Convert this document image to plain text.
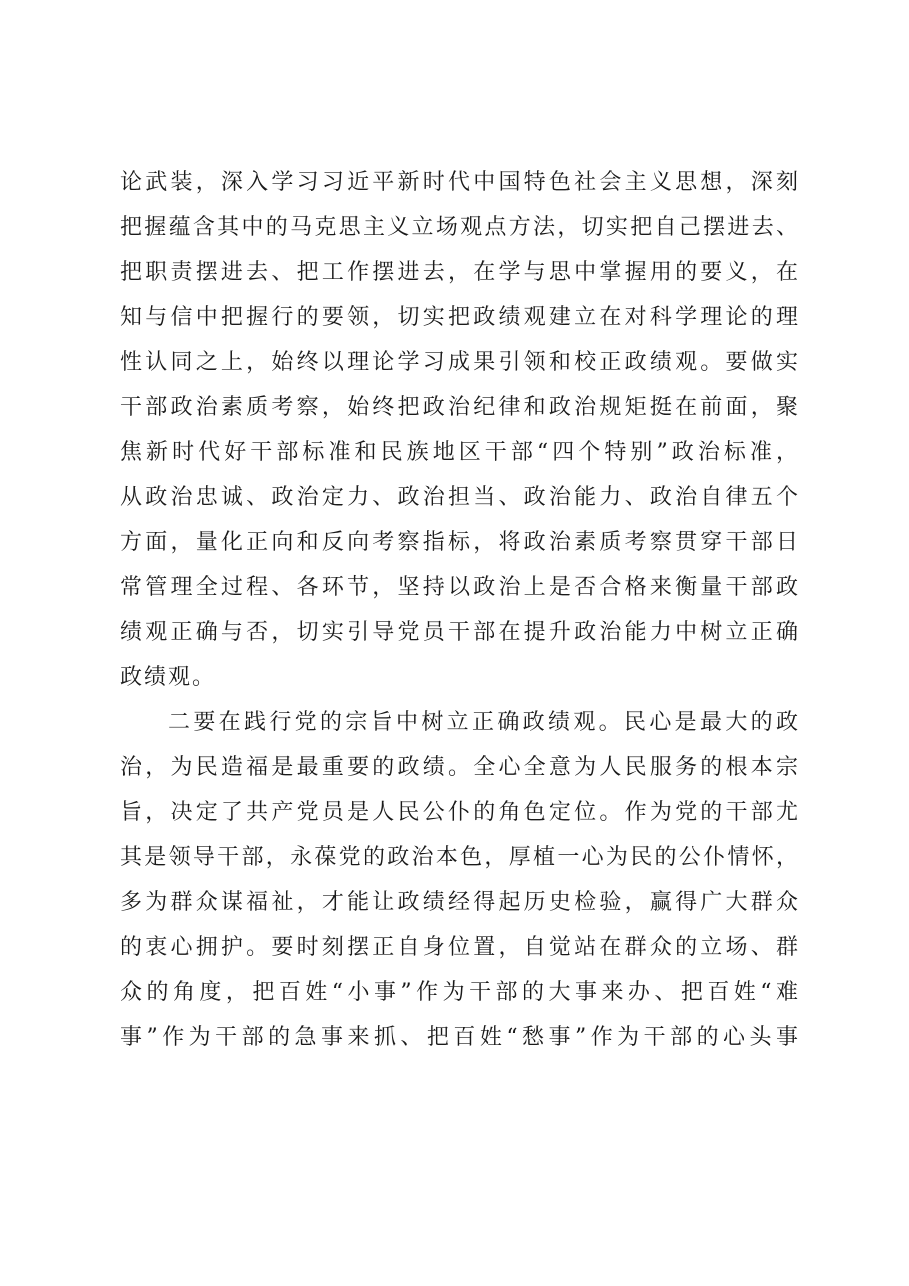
论武装，深入学习习近平新时代中国特色社会主义思想，深刻
把握蕴含其中的马克思主义立场观点方法，切实把自己摆进去、
把职责摆进去、把工作摆进去，在学与思中掌握用的要义，在
知与信中把握行的要领，切实把政绩观建立在对科学理论的理
性认同之上，始终以理论学习成果引领和校正政绩观。要做实
干部政治素质考察，始终把政治纪律和政治规矩挺在前面，聚
焦新时代好干部标准和民族地区干部“四个特别”政治标准，
从政治忠诚、政治定力、政治担当、政治能力、政治自律五个
方面，量化正向和反向考察指标，将政治素质考察贯穿干部日
常管理全过程、各环节，坚持以政治上是否合格来衡量干部政
绩观正确与否，切实引导党员干部在提升政治能力中树立正确
政绩观。
二要在践行党的宗旨中树立正确政绩观。民心是最大的政
治，为民造福是最重要的政绩。全心全意为人民服务的根本宗
旨，决定了共产党员是人民公仆的角色定位。作为党的干部尤
其是领导干部，永葆党的政治本色，厚植一心为民的公仆情怀，
多为群众谋福祉，才能让政绩经得起历史检验，赢得广大群众
的衷心拥护。要时刻摆正自身位置，自觉站在群众的立场、群
众的角度，把百姓“小事”作为干部的大事来办、把百姓“难
事”作为干部的急事来抓、把百姓“愁事”作为干部的心头事
